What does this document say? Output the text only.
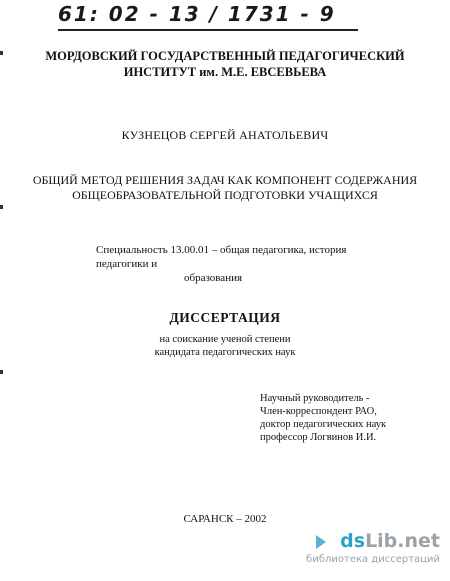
61: 02 - 13 / 1731 - 9
МОРДОВСКИЙ ГОСУДАРСТВЕННЫЙ ПЕДАГОГИЧЕСКИЙ
ИНСТИТУТ им. М.Е. ЕВСЕВЬЕВА
КУЗНЕЦОВ СЕРГЕЙ АНАТОЛЬЕВИЧ
ОБЩИЙ МЕТОД РЕШЕНИЯ ЗАДАЧ КАК КОМПОНЕНТ СОДЕРЖАНИЯ
ОБЩЕОБРАЗОВАТЕЛЬНОЙ ПОДГОТОВКИ УЧАЩИХСЯ
Специальность 13.00.01 – общая педагогика, история педагогики и
образования
ДИССЕРТАЦИЯ
на соискание ученой степени
кандидата педагогических наук
Научный руководитель -
Член-корреспондент РАО,
доктор педагогических наук
профессор Логвинов И.И.
САРАНСК – 2002
dsLib.net
библиотека диссертаций
